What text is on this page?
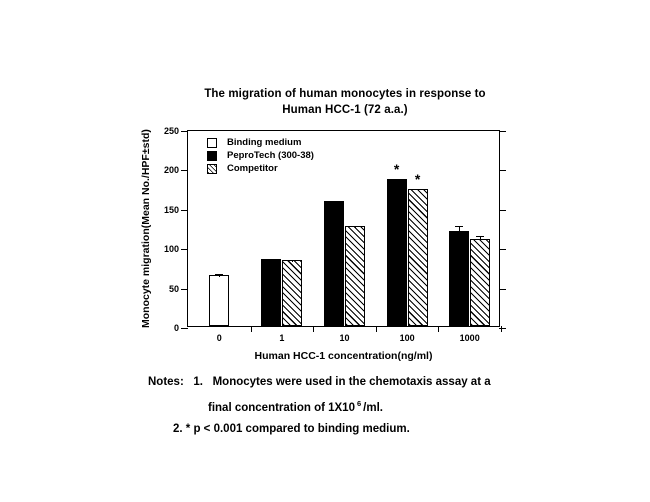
The migration of human monocytes in response to
Human HCC-1 (72 a.a.)
Monocyte migration(Mean No./HPF±std)	0
50
100
150
200
250
0	1	10	100	1000
*
*
Binding medium
PeproTech (300-38)
Competitor
Human HCC-1 concentration(ng/ml)
Notes: 1. Monocytes were used in the chemotaxis assay at a
final concentration of 1X10 $^6$ /ml.
2. * p < 0.001 compared to binding medium.
